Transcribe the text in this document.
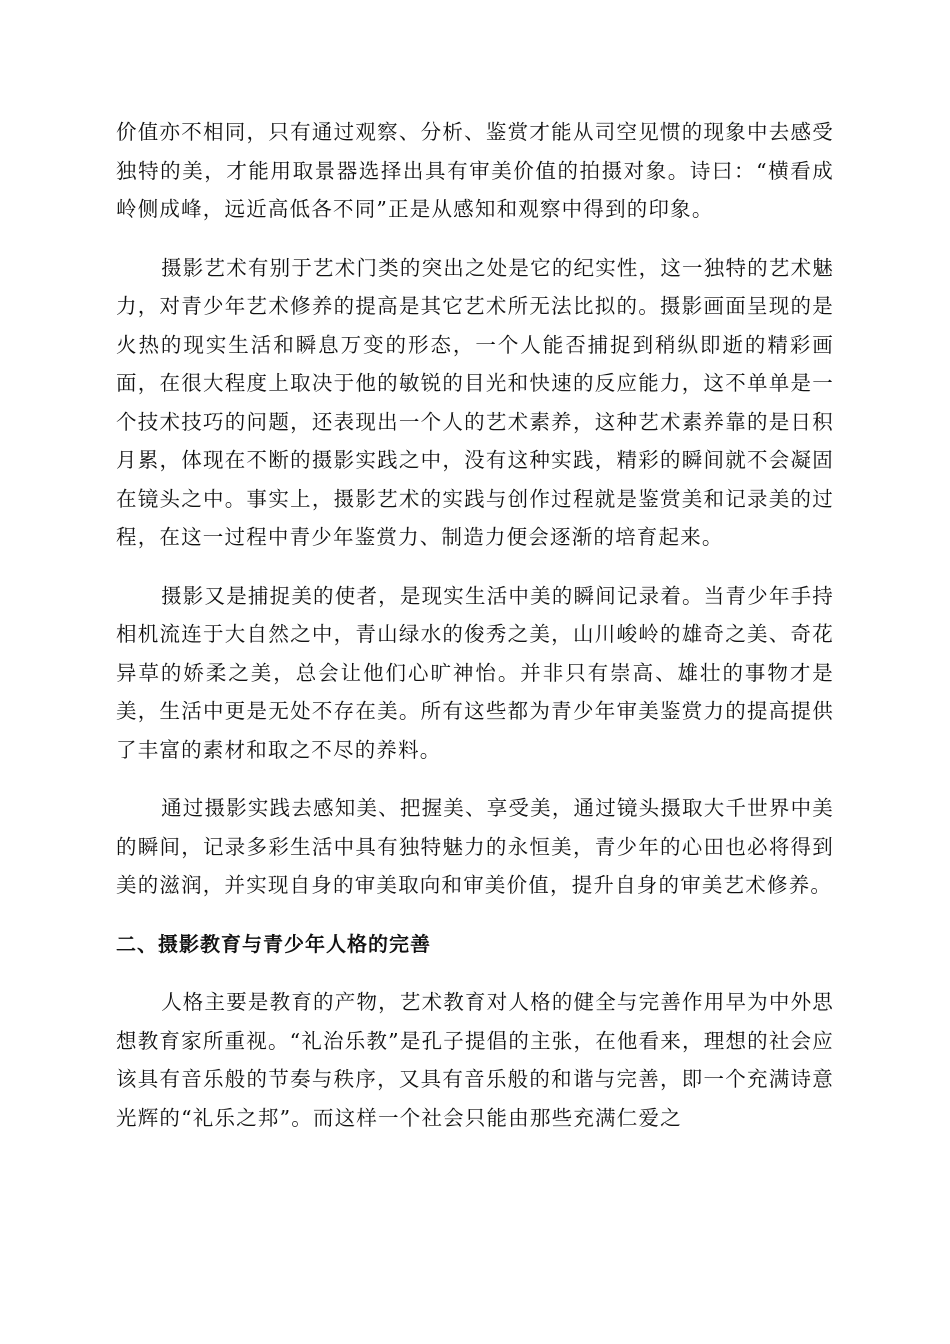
价值亦不相同，只有通过观察、分析、鉴赏才能从司空见惯的现象中去感受独特的美，才能用取景器选择出具有审美价值的拍摄对象。诗曰：“横看成岭侧成峰，远近高低各不同”正是从感知和观察中得到的印象。

摄影艺术有别于艺术门类的突出之处是它的纪实性，这一独特的艺术魅力，对青少年艺术修养的提高是其它艺术所无法比拟的。摄影画面呈现的是火热的现实生活和瞬息万变的形态，一个人能否捕捉到稍纵即逝的精彩画面，在很大程度上取决于他的敏锐的目光和快速的反应能力，这不单单是一个技术技巧的问题，还表现出一个人的艺术素养，这种艺术素养靠的是日积月累，体现在不断的摄影实践之中，没有这种实践，精彩的瞬间就不会凝固在镜头之中。事实上，摄影艺术的实践与创作过程就是鉴赏美和记录美的过程，在这一过程中青少年鉴赏力、制造力便会逐渐的培育起来。

摄影又是捕捉美的使者，是现实生活中美的瞬间记录着。当青少年手持相机流连于大自然之中，青山绿水的俊秀之美，山川峻岭的雄奇之美、奇花异草的娇柔之美，总会让他们心旷神怡。并非只有崇高、雄壮的事物才是美，生活中更是无处不存在美。所有这些都为青少年审美鉴赏力的提高提供了丰富的素材和取之不尽的养料。

通过摄影实践去感知美、把握美、享受美，通过镜头摄取大千世界中美的瞬间，记录多彩生活中具有独特魅力的永恒美，青少年的心田也必将得到美的滋润，并实现自身的审美取向和审美价值，提升自身的审美艺术修养。

二、摄影教育与青少年人格的完善

人格主要是教育的产物，艺术教育对人格的健全与完善作用早为中外思想教育家所重视。“礼治乐教”是孔子提倡的主张，在他看来，理想的社会应该具有音乐般的节奏与秩序，又具有音乐般的和谐与完善，即一个充满诗意光辉的“礼乐之邦”。而这样一个社会只能由那些充满仁爱之
